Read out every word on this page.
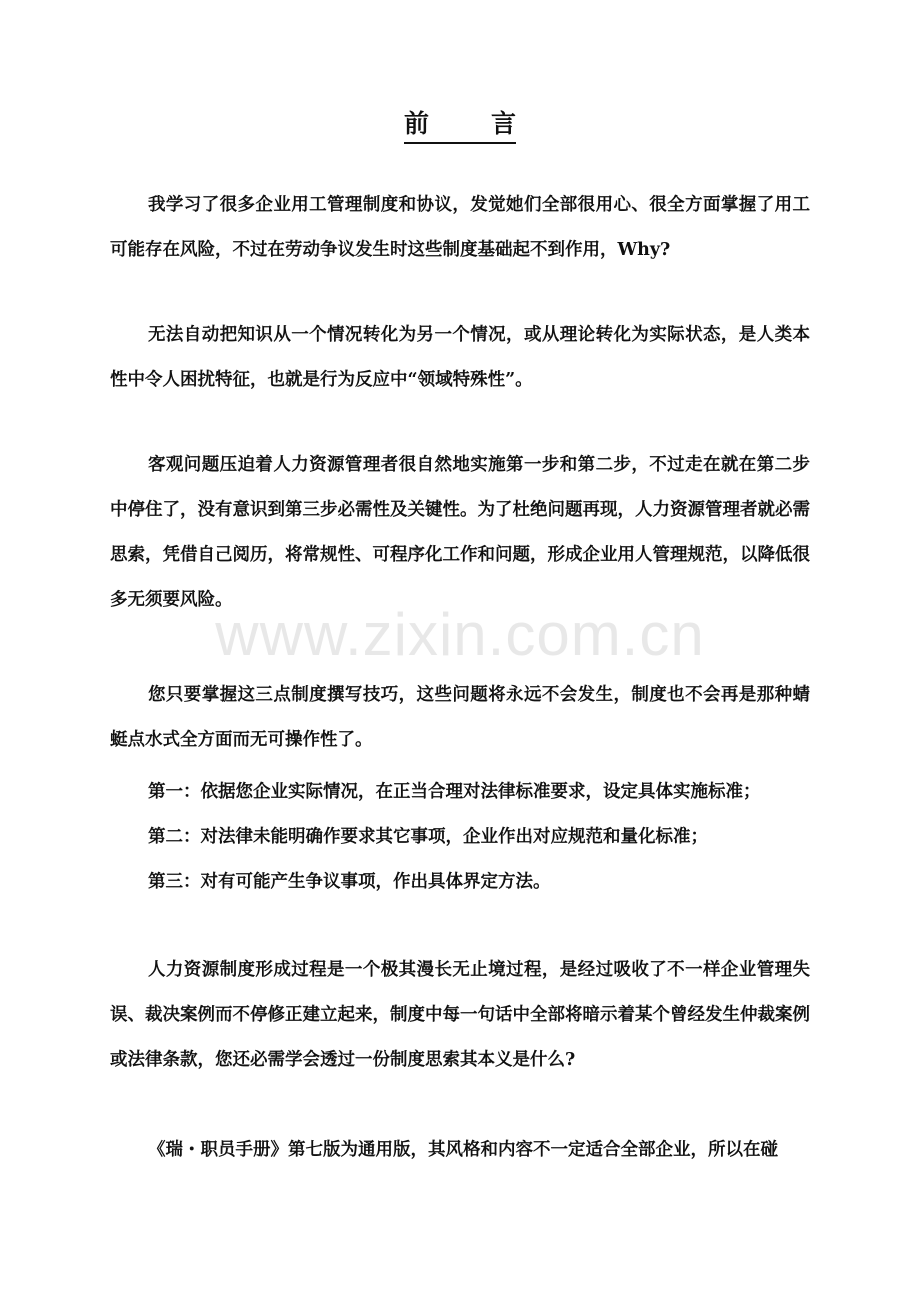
前 言

我学习了很多企业用工管理制度和协议，发觉她们全部很用心、很全方面掌握了用工可能存在风险，不过在劳动争议发生时这些制度基础起不到作用，Why?

无法自动把知识从一个情况转化为另一个情况，或从理论转化为实际状态，是人类本性中令人困扰特征，也就是行为反应中“领域特殊性”。

客观问题压迫着人力资源管理者很自然地实施第一步和第二步，不过走在就在第二步中停住了，没有意识到第三步必需性及关键性。为了杜绝问题再现，人力资源管理者就必需思索，凭借自己阅历，将常规性、可程序化工作和问题，形成企业用人管理规范，以降低很多无须要风险。

您只要掌握这三点制度撰写技巧，这些问题将永远不会发生，制度也不会再是那种蜻蜓点水式全方面而无可操作性了。

第一：依据您企业实际情况，在正当合理对法律标准要求，设定具体实施标准；

第二：对法律未能明确作要求其它事项，企业作出对应规范和量化标准；

第三：对有可能产生争议事项，作出具体界定方法。

人力资源制度形成过程是一个极其漫长无止境过程，是经过吸收了不一样企业管理失误、裁决案例而不停修正建立起来，制度中每一句话中全部将暗示着某个曾经发生仲裁案例或法律条款，您还必需学会透过一份制度思索其本义是什么?

《瑞・职员手册》第七版为通用版，其风格和内容不一定适合全部企业，所以在碰

www.zixin.com.cn
